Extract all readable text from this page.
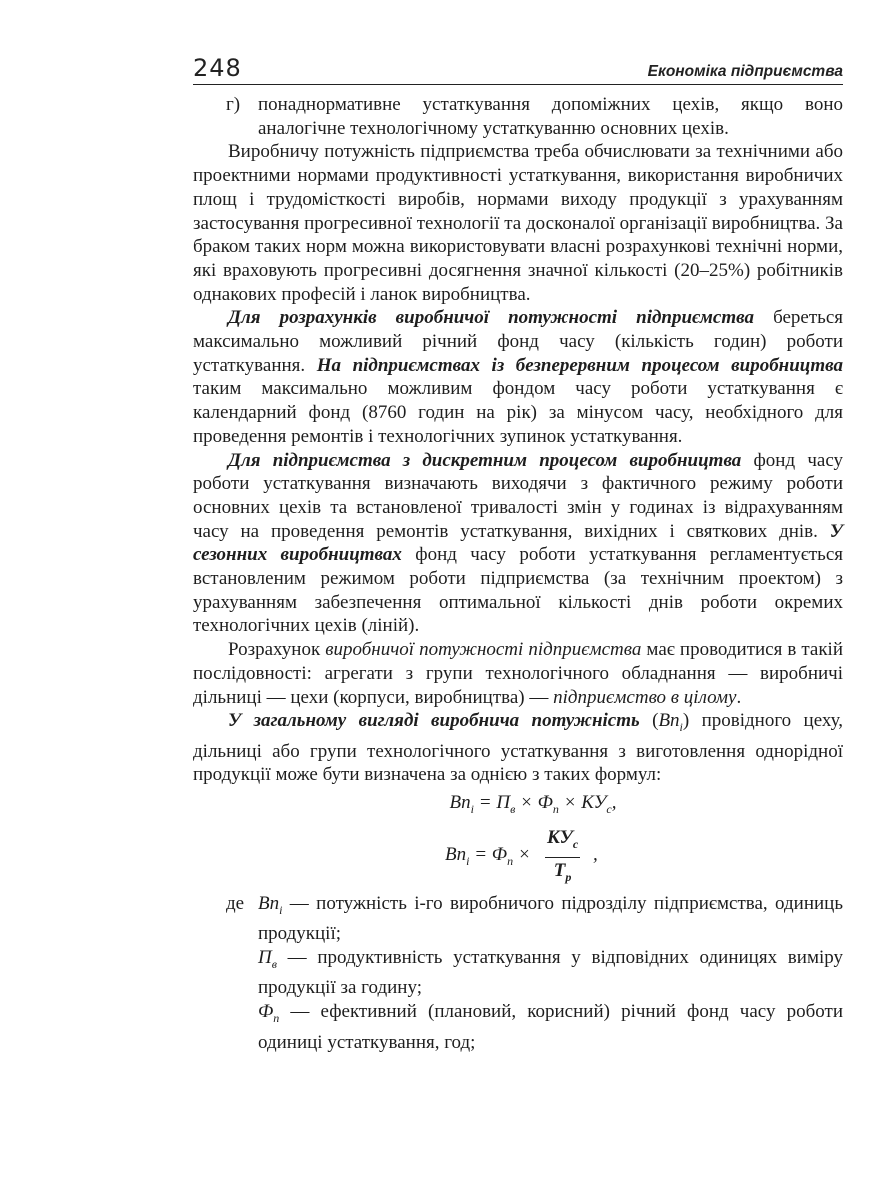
248	Економіка підприємства

г) понаднормативне устаткування допоміжних цехів, якщо воно аналогічне технологічному устаткуванню основних цехів.

Виробничу потужність підприємства треба обчислювати за технічними або проектними нормами продуктивності устаткування, використання виробничих площ і трудомісткості виробів, нормами виходу продукції з урахуванням застосування прогресивної технології та досконалої організації виробництва. За браком таких норм можна використовувати власні розрахункові технічні норми, які враховують прогресивні досягнення значної кількості (20–25%) робітників однакових професій і ланок виробництва.

Для розрахунків виробничої потужності підприємства береться максимально можливий річний фонд часу (кількість годин) роботи устаткування. На підприємствах із безперервним процесом виробництва таким максимально можливим фондом часу роботи устаткування є календарний фонд (8760 годин на рік) за мінусом часу, необхідного для проведення ремонтів і технологічних зупинок устаткування.

Для підприємства з дискретним процесом виробництва фонд часу роботи устаткування визначають виходячи з фактичного режиму роботи основних цехів та встановленої тривалості змін у годинах із відрахуванням часу на проведення ремонтів устаткування, вихідних і святкових днів. У сезонних виробництвах фонд часу роботи устаткування регламентується встановленим режимом роботи підприємства (за технічним проектом) з урахуванням забезпечення оптимальної кількості днів роботи окремих технологічних цехів (ліній).

Розрахунок виробничої потужності підприємства має проводитися в такій послідовності: агрегати з групи технологічного обладнання — виробничі дільниці — цехи (корпуси, виробництва) — підприємство в цілому.

У загальному вигляді виробнича потужність $(Вп_i)$ провідного цеху, дільниці або групи технологічного устаткування з виготовлення однорідної продукції може бути визначена за однією з таких формул:

$Вп_i = П_в \times Ф_п \times КУ_с$,
$Вп_i = Ф_п$ ×
$КУ_с$
$Т_р$
,

де $Вп_i$ — потужність і-го виробничого підрозділу підприємства, одиниць продукції;

$П_в$ — продуктивність устаткування у відповідних одиницях виміру продукції за годину;

$Ф_п$ — ефективний (плановий, корисний) річний фонд часу роботи одиниці устаткування, год;
